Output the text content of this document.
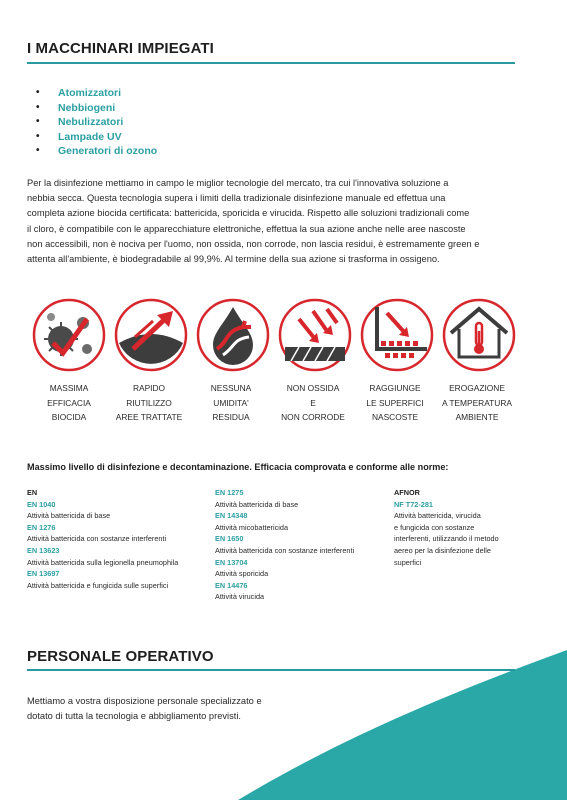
I MACCHINARI IMPIEGATI
•	Atomizzatori
•	Nebbiogeni
•	Nebulizzatori
•	Lampade UV
•	Generatori di ozono
Per la disinfezione mettiamo in campo le miglior tecnologie del mercato, tra cui l'innovativa soluzione a
nebbia secca. Questa tecnologia supera i limiti della tradizionale disinfezione manuale ed effettua una
completa azione biocida certificata: battericida, sporicida e virucida. Rispetto alle soluzioni tradizionali come
il cloro, è compatibile con le apparecchiature elettroniche, effettua la sua azione anche nelle aree nascoste
non accessibili, non è nociva per l'uomo, non ossida, non corrode, non lascia residui, è estremamente green e
attenta all'ambiente, è biodegradabile al 99,9%. Al termine della sua azione si trasforma in ossigeno.
MASSIMA
EFFICACIA
BIOCIDA
RAPIDO
RIUTILIZZO
AREE TRATTATE
NESSUNA
UMIDITA'
RESIDUA
NON OSSIDA
E
NON CORRODE
RAGGIUNGE
LE SUPERFICI
NASCOSTE
EROGAZIONE
A TEMPERATURA
AMBIENTE
Massimo livello di disinfezione e decontaminazione. Efficacia comprovata e conforme alle norme:
EN
EN 1040
Attività battericida di base
EN 1276
Attività battericida con sostanze interferenti
EN 13623
Attività battericida sulla legionella pneumophila
EN 13697
Attività battericida e fungicida sulle superfici
EN 1275
Attività battericida di base
EN 14348
Attività micobattericida
EN 1650
Attività battericida con sostanze interferenti
EN 13704
Attività sporicida
EN 14476
Attività virucida
AFNOR
NF T72-281
Attività battericida, virucida
e fungicida con sostanze
interferenti, utilizzando il metodo
aereo per la disinfezione delle
superfici
PERSONALE OPERATIVO
Mettiamo a vostra disposizione personale specializzato e
dotato di tutta la tecnologia e abbigliamento previsti.
